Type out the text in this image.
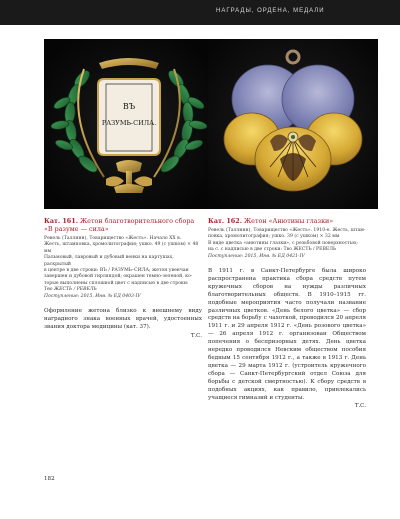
НАГРАДЫ, ОРДЕНА, МЕДАЛИ
ВЪ
РАЗУМЬ-СИЛА.

Кат. 161. Жетон благотворительного сбора «В разуме — сила»

Ревель (Таллинн), Товарищество «Жесть». Начало XX в.
Жесть, штамповка, хромолитография; ушко. 49 (с ушком) × 48 мм
Пальмовый, лавровый и дубовый венки на картушах, раскрытый
в центре в две строки: ВЪ / РАЗУМЬ–СИЛА; жетон увенчан
завершен и дубовой гирляндой; окрашен темно-зеленой, ко-
торые выполнены сплошной цвет с надписью в две строки:
Тво ЖЕСТЬ / РЕВЕЛЬ
Поступление: 2015, Инв. № ЕД 0403-IV

Оформление жетона близко к внешнему виду наградного знака военных врачей, удостоенных звания доктора медицины (кат. 37).

Т.С.

Кат. 162. Жетон «Анютины глазки»

Ревель (Таллинн), Товарищество «Жесть». 1910-е. Жесть, штам-
повка, хромолитография; ушко. 39 (с ушком) × 32 мм
В виде цветка «анютины глазки», с резьбовой поверхностью;
на с. с надписью в две строки: Тво ЖЕСТЬ / РЕВЕЛЬ
Поступление: 2015, Инв. № ЕД 0421-IV

В 1911 г. в Санкт-Петербурге была широко распространена практика сбора средств путем кружечных сборов на нужды различных благотворительных обществ. В 1910–1915 гг. подобные мероприятия часто получали название различных цветков. «День белого цветка» — сбор средств на борьбу с чахоткой, проводился 20 апреля 1911 г. и 29 апреля 1912 г. «День розового цветка» — 26 апреля 1912 г. организован Обществом попечения о беспризорных детях. День цветка нередко проводился Невским обществом пособия бедным 15 сентября 1912 г., а также в 1913 г. День цветка — 29 марта 1912 г. (устроитель кружечного сбора — Санкт-Петербургский отдел Союза для борьбы с детской смертностью). К сбору средств в подобных акциях, как правило, привлекались учащиеся гимназий и студенты.

Т.С.
182
